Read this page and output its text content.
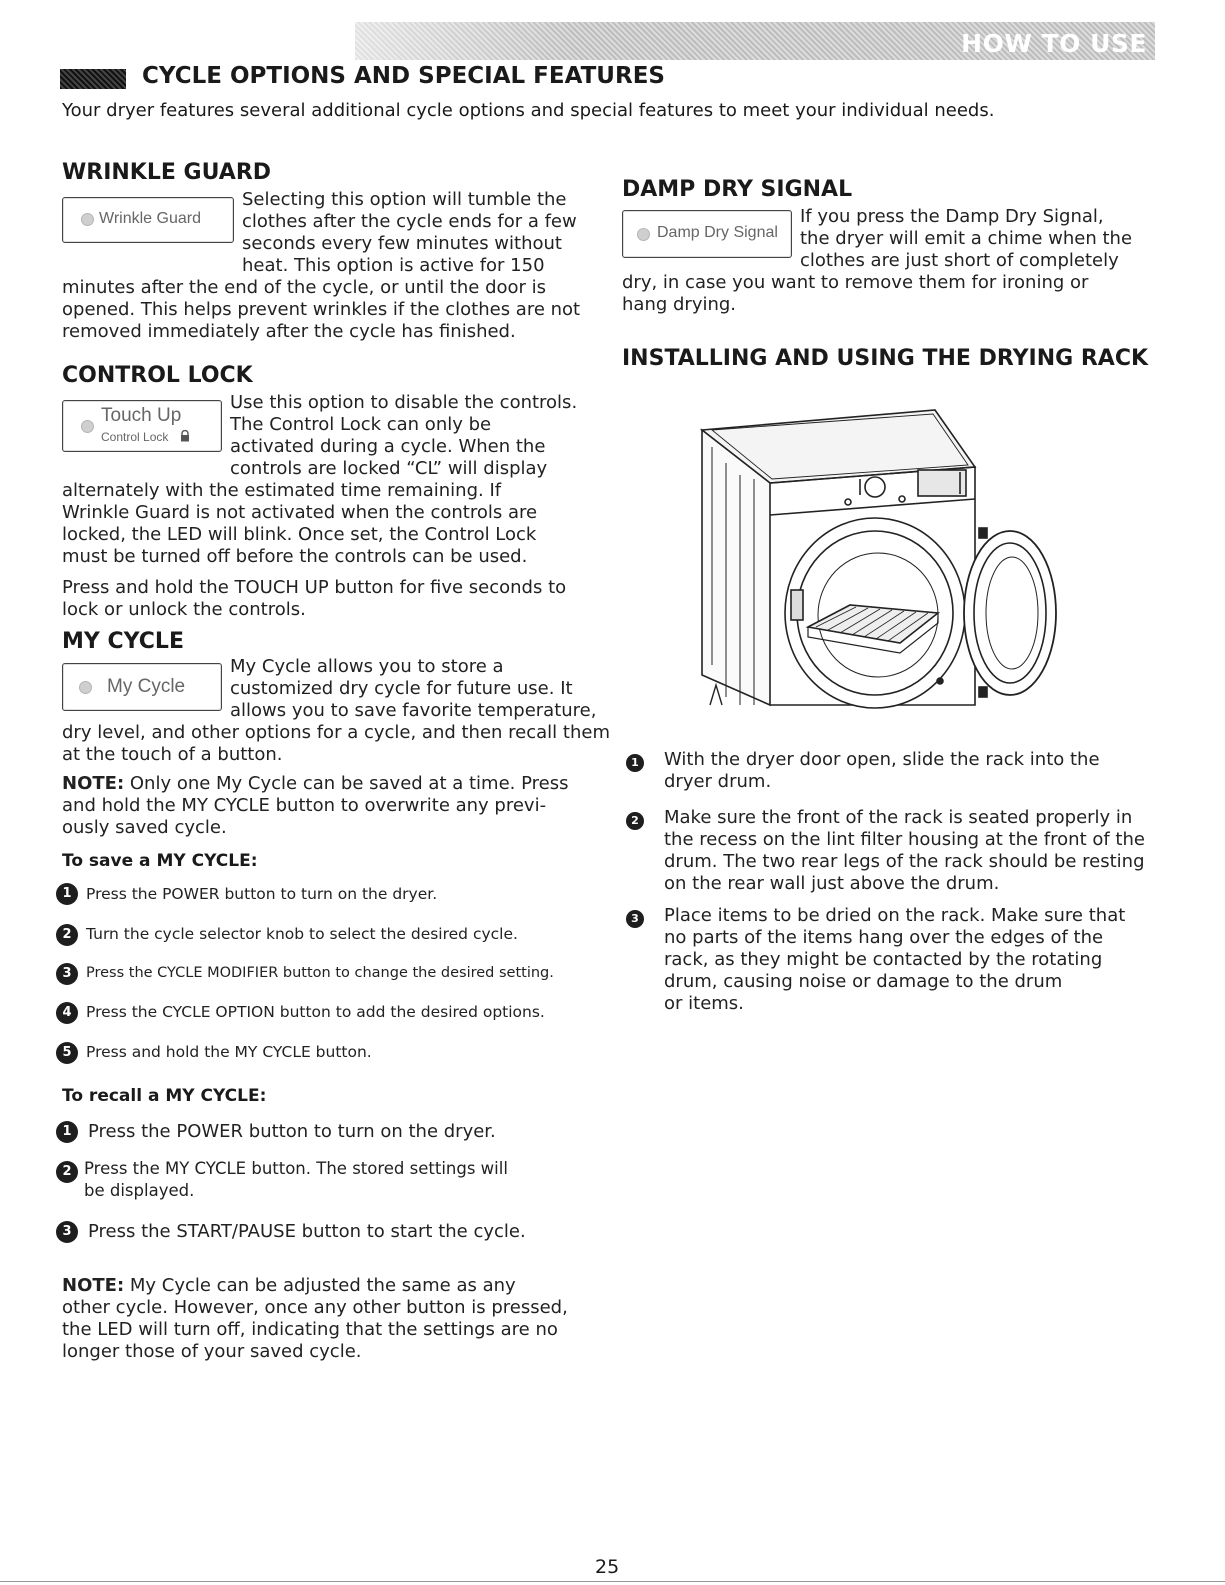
HOW TO USE
CYCLE OPTIONS AND SPECIAL FEATURES

Your dryer features several additional cycle options and special features to meet your individual needs.

WRINKLE GUARD
Wrinkle Guard

Selecting this option will tumble the

clothes after the cycle ends for a few

seconds every few minutes without

heat. This option is active for 150

minutes after the end of the cycle, or until the door is

opened. This helps prevent wrinkles if the clothes are not

removed immediately after the cycle has finished.

CONTROL LOCK
Touch Up
Control Lock

Use this option to disable the controls.

The Control Lock can only be

activated during a cycle. When the

controls are locked “CL” will display

alternately with the estimated time remaining. If

Wrinkle Guard is not activated when the controls are

locked, the LED will blink. Once set, the Control Lock

must be turned off before the controls can be used.

Press and hold the TOUCH UP button for five seconds to

lock or unlock the controls.

MY CYCLE
My Cycle

My Cycle allows you to store a

customized dry cycle for future use. It

allows you to save favorite temperature,

dry level, and other options for a cycle, and then recall them

at the touch of a button.

NOTE: Only one My Cycle can be saved at a time. Press

and hold the MY CYCLE button to overwrite any previ-

ously saved cycle.

To save a MY CYCLE:

1 Press the POWER button to turn on the dryer.

2 Turn the cycle selector knob to select the desired cycle.

3 Press the CYCLE MODIFIER button to change the desired setting.

4 Press the CYCLE OPTION button to add the desired options.

5 Press and hold the MY CYCLE button.

To recall a MY CYCLE:

1 Press the POWER button to turn on the dryer.

2 Press the MY CYCLE button. The stored settings will

be displayed.

3 Press the START/PAUSE button to start the cycle.

NOTE: My Cycle can be adjusted the same as any

other cycle. However, once any other button is pressed,

the LED will turn off, indicating that the settings are no

longer those of your saved cycle.

DAMP DRY SIGNAL
Damp Dry Signal

If you press the Damp Dry Signal,

the dryer will emit a chime when the

clothes are just short of completely

dry, in case you want to remove them for ironing or

hang drying.

INSTALLING AND USING THE DRYING RACK
1 With the dryer door open, slide the rack into the

dryer drum.

2 Make sure the front of the rack is seated properly in

the recess on the lint filter housing at the front of the

drum. The two rear legs of the rack should be resting

on the rear wall just above the drum.

3 Place items to be dried on the rack. Make sure that

no parts of the items hang over the edges of the

rack, as they might be contacted by the rotating

drum, causing noise or damage to the drum

or items.

25
